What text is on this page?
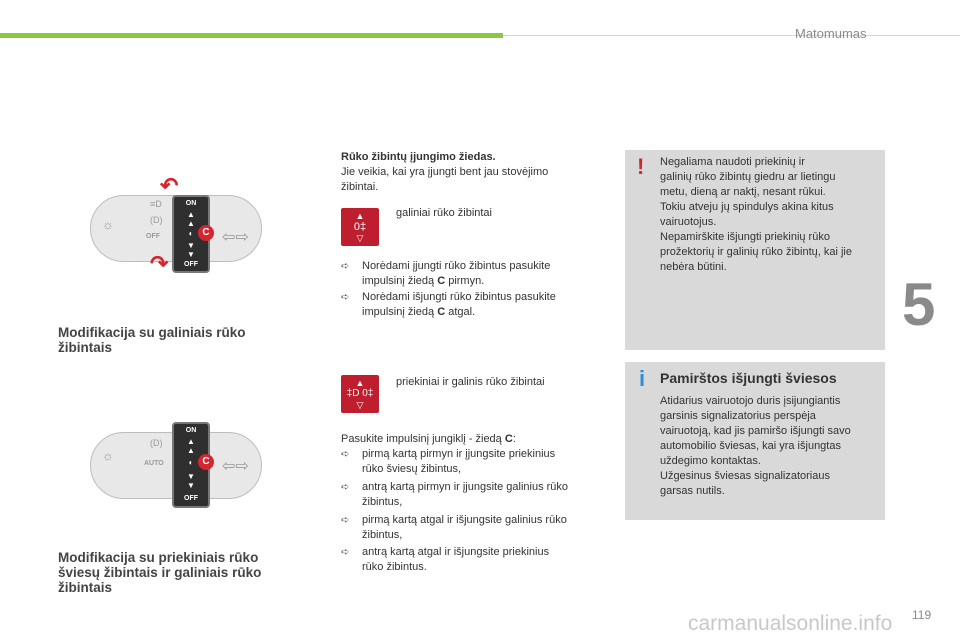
Matomumas
5
☼
OFF
≡D
(D)
ON
▲
▲
◐
▼
▼
OFF
C
↶
↷
⇦⇨
Modifikacija su galiniais rūko žibintais
☼
AUTO
(D)
ON
▲
▲
◐
▼
▼
OFF
C ⇦⇨
Modifikacija su priekiniais rūko
šviesų žibintais ir galiniais rūko
žibintais
Rūko žibintų įjungimo žiedas.
Jie veikia, kai yra įjungti bent jau stovėjimo
žibintai.
▲
0‡
▽
galiniai rūko žibintai
➪ Norėdami įjungti rūko žibintus pasukite
impulsinį žiedą C pirmyn.
➪ Norėdami išjungti rūko žibintus pasukite
impulsinį žiedą C atgal.
▲
‡D 0‡
▽
priekiniai ir galinis rūko žibintai
Pasukite impulsinį jungiklį - žiedą C:
➪ pirmą kartą pirmyn ir įjungsite priekinius
rūko šviesų žibintus,
➪ antrą kartą pirmyn ir įjungsite galinius rūko
žibintus,
➪ pirmą kartą atgal ir išjungsite galinius rūko
žibintus,
➪ antrą kartą atgal ir išjungsite priekinius
rūko žibintus.
! Negaliama naudoti priekinių ir
galinių rūko žibintų giedru ar lietingu
metu, dieną ar naktį, nesant rūkui.
Tokiu atveju jų spindulys akina kitus
vairuotojus.
Nepamirškite išjungti priekinių rūko
prožektorių ir galinių rūko žibintų, kai jie
nebėra būtini.
i Pamirštos išjungti šviesos
Atidarius vairuotojo duris įsijungiantis
garsinis signalizatorius perspėja
vairuotoją, kad jis pamiršo išjungti savo
automobilio šviesas, kai yra išjungtas
uždegimo kontaktas.
Užgesinus šviesas signalizatoriaus
garsas nutils.
119
carmanualsonline.info
